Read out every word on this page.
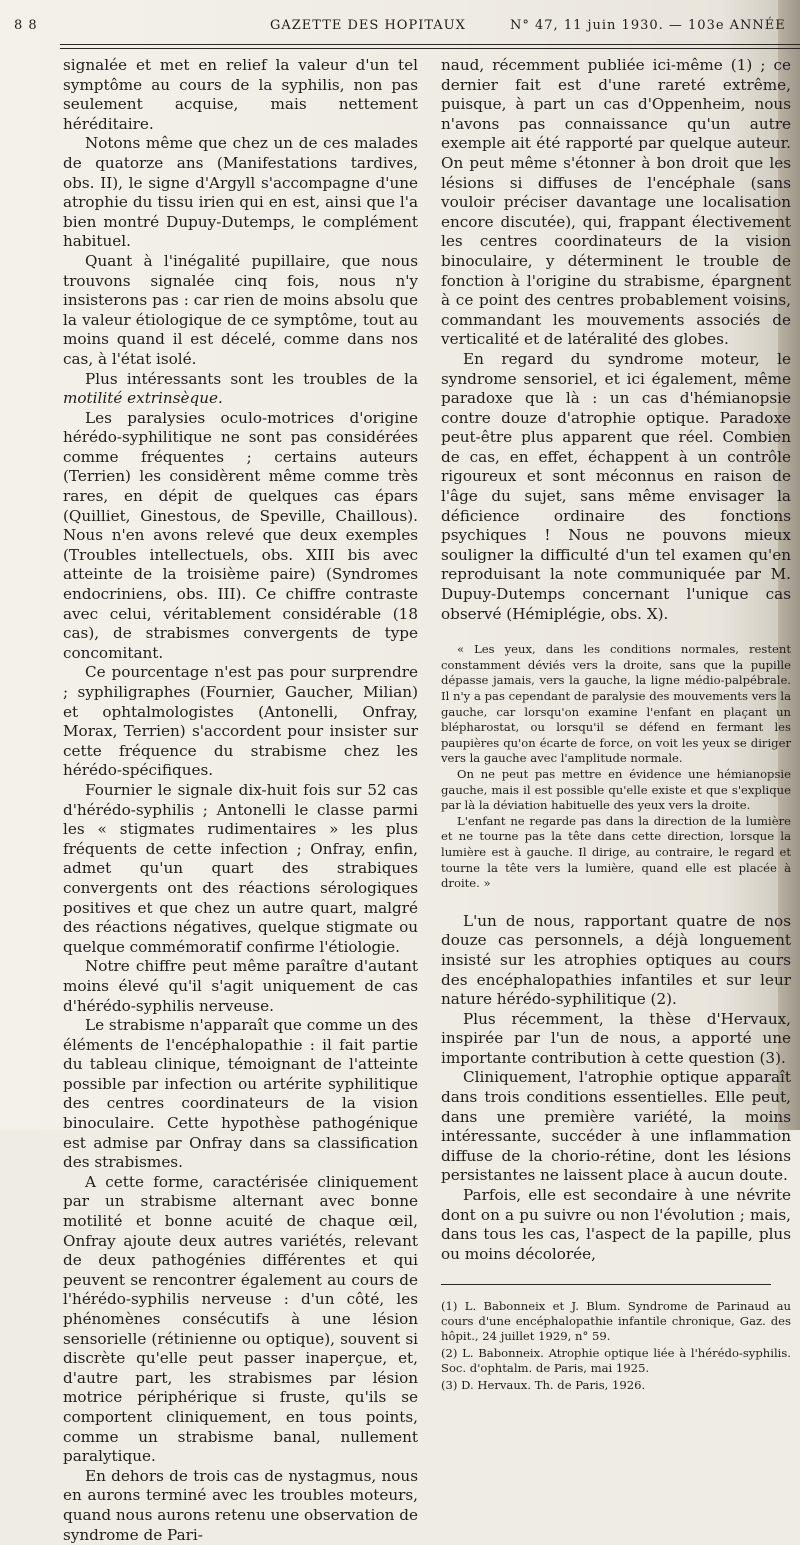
8 8	GAZETTE DES HOPITAUX	N° 47, 11 juin 1930. — 103e ANNÉE

signalée et met en relief la valeur d'un tel symptôme au cours de la syphilis, non pas seulement acquise, mais nettement héréditaire.

Notons même que chez un de ces malades de quatorze ans (Manifestations tardives, obs. II), le signe d'Argyll s'accompagne d'une atrophie du tissu irien qui en est, ainsi que l'a bien montré Dupuy-Dutemps, le complément habituel.

Quant à l'inégalité pupillaire, que nous trouvons signalée cinq fois, nous n'y insisterons pas : car rien de moins absolu que la valeur étiologique de ce symptôme, tout au moins quand il est décelé, comme dans nos cas, à l'état isolé.

Plus intéressants sont les troubles de la motilité extrinsèque.

Les paralysies oculo-motrices d'origine hérédo-syphilitique ne sont pas considérées comme fréquentes ; certains auteurs (Terrien) les considèrent même comme très rares, en dépit de quelques cas épars (Quilliet, Ginestous, de Speville, Chaillous). Nous n'en avons relevé que deux exemples (Troubles intellectuels, obs. XIII bis avec atteinte de la troisième paire) (Syndromes endocriniens, obs. III). Ce chiffre contraste avec celui, véritablement considérable (18 cas), de strabismes convergents de type concomitant.

Ce pourcentage n'est pas pour surprendre ; syphiligraphes (Fournier, Gaucher, Milian) et ophtalmologistes (Antonelli, Onfray, Morax, Terrien) s'accordent pour insister sur cette fréquence du strabisme chez les hérédo-spécifiques.

Fournier le signale dix-huit fois sur 52 cas d'hérédo-syphilis ; Antonelli le classe parmi les « stigmates rudimentaires » les plus fréquents de cette infection ; Onfray, enfin, admet qu'un quart des strabiques convergents ont des réactions sérologiques positives et que chez un autre quart, malgré des réactions négatives, quelque stigmate ou quelque commémoratif confirme l'étiologie.

Notre chiffre peut même paraître d'autant moins élevé qu'il s'agit uniquement de cas d'hérédo-syphilis nerveuse.

Le strabisme n'apparaît que comme un des éléments de l'encéphalopathie : il fait partie du tableau clinique, témoignant de l'atteinte possible par infection ou artérite syphilitique des centres coordinateurs de la vision binoculaire. Cette hypothèse pathogénique est admise par Onfray dans sa classification des strabismes.

A cette forme, caractérisée cliniquement par un strabisme alternant avec bonne motilité et bonne acuité de chaque œil, Onfray ajoute deux autres variétés, relevant de deux pathogénies différentes et qui peuvent se rencontrer également au cours de l'hérédo-syphilis nerveuse : d'un côté, les phénomènes consécutifs à une lésion sensorielle (rétinienne ou optique), souvent si discrète qu'elle peut passer inaperçue, et, d'autre part, les strabismes par lésion motrice périphérique si fruste, qu'ils se comportent cliniquement, en tous points, comme un strabisme banal, nullement paralytique.

En dehors de trois cas de nystagmus, nous en aurons terminé avec les troubles moteurs, quand nous aurons retenu une observation de syndrome de Pari-

naud, récemment publiée ici-même (1) ; ce dernier fait est d'une rareté extrême, puisque, à part un cas d'Oppenheim, nous n'avons pas connaissance qu'un autre exemple ait été rapporté par quelque auteur. On peut même s'étonner à bon droit que les lésions si diffuses de l'encéphale (sans vouloir préciser davantage une localisation encore discutée), qui, frappant électivement les centres coordinateurs de la vision binoculaire, y déterminent le trouble de fonction à l'origine du strabisme, épargnent à ce point des centres probablement voisins, commandant les mouvements associés de verticalité et de latéralité des globes.

En regard du syndrome moteur, le syndrome sensoriel, et ici également, même paradoxe que là : un cas d'hémianopsie contre douze d'atrophie optique. Paradoxe peut-être plus apparent que réel. Combien de cas, en effet, échappent à un contrôle rigoureux et sont méconnus en raison de l'âge du sujet, sans même envisager la déficience ordinaire des fonctions psychiques ! Nous ne pouvons mieux souligner la difficulté d'un tel examen qu'en reproduisant la note communiquée par M. Dupuy-Dutemps concernant l'unique cas observé (Hémiplégie, obs. X).

« Les yeux, dans les conditions normales, restent constamment déviés vers la droite, sans que la pupille dépasse jamais, vers la gauche, la ligne médio-palpébrale. Il n'y a pas cependant de paralysie des mouvements vers la gauche, car lorsqu'on examine l'enfant en plaçant un blépharostat, ou lorsqu'il se défend en fermant les paupières qu'on écarte de force, on voit les yeux se diriger vers la gauche avec l'amplitude normale.

On ne peut pas mettre en évidence une hémianopsie gauche, mais il est possible qu'elle existe et que s'explique par là la déviation habituelle des yeux vers la droite.

L'enfant ne regarde pas dans la direction de la lumière et ne tourne pas la tête dans cette direction, lorsque la lumière est à gauche. Il dirige, au contraire, le regard et tourne la tête vers la lumière, quand elle est placée à droite. »

L'un de nous, rapportant quatre de nos douze cas personnels, a déjà longuement insisté sur les atrophies optiques au cours des encéphalopathies infantiles et sur leur nature hérédo-syphilitique (2).

Plus récemment, la thèse d'Hervaux, inspirée par l'un de nous, a apporté une importante contribution à cette question (3).

Cliniquement, l'atrophie optique apparaît dans trois conditions essentielles. Elle peut, dans une première variété, la moins intéressante, succéder à une inflammation diffuse de la chorio-rétine, dont les lésions persistantes ne laissent place à aucun doute.

Parfois, elle est secondaire à une névrite dont on a pu suivre ou non l'évolution ; mais, dans tous les cas, l'aspect de la papille, plus ou moins décolorée,

(1) L. Babonneix et J. Blum. Syndrome de Parinaud au cours d'une encéphalopathie infantile chronique, Gaz. des hôpit., 24 juillet 1929, n° 59.

(2) L. Babonneix. Atrophie optique liée à l'hérédo-syphilis. Soc. d'ophtalm. de Paris, mai 1925.

(3) D. Hervaux. Th. de Paris, 1926.
